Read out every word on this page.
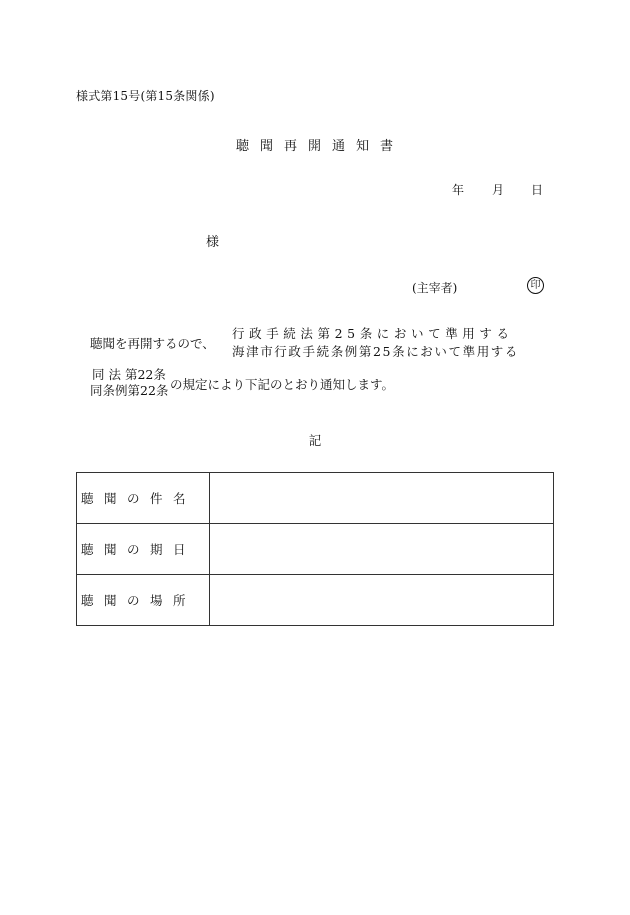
様式第15号(第15条関係)
聴聞再開通知書
年 月 日
様
(主宰者)	印
聴聞を再開するので、
行政手続法第25条において準用する
海津市行政手続条例第25条において準用する
同 法 第22条
同条例第22条 の規定により下記のとおり通知します。
記
聴聞の件名	
聴聞の期日	
聴聞の場所	
